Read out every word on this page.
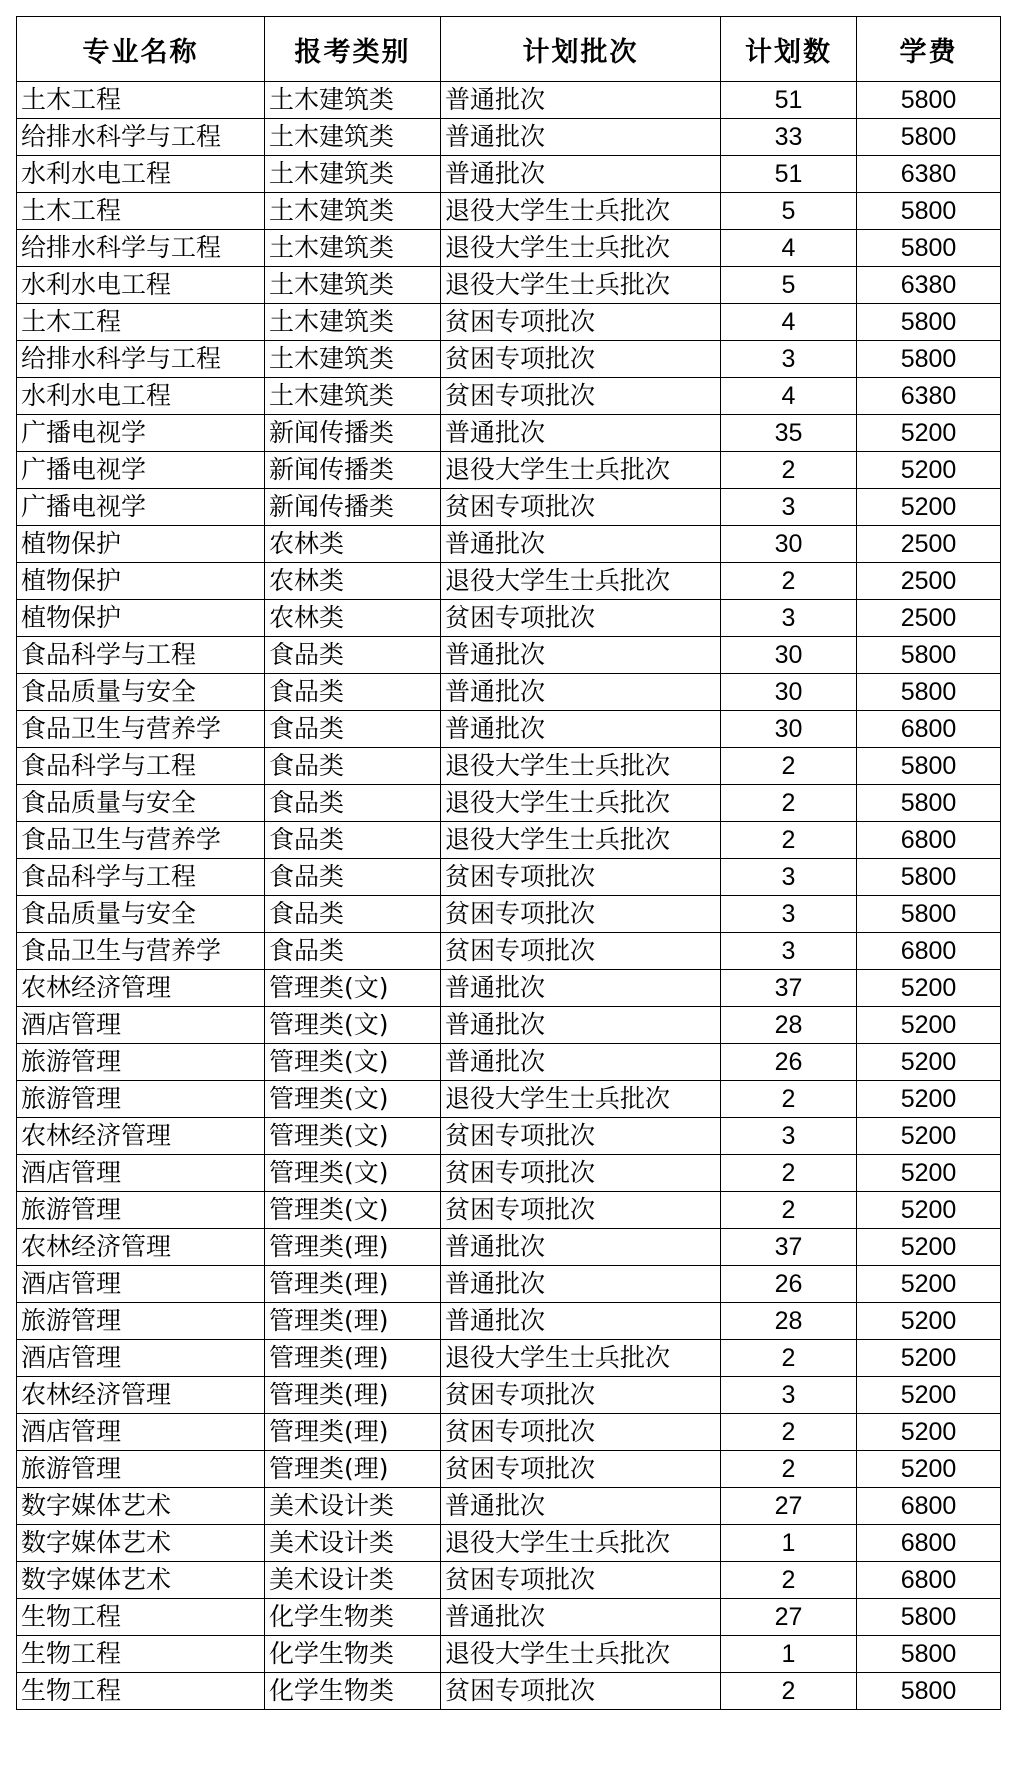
专业名称	报考类别	计划批次	计划数	学费
土木工程	土木建筑类	普通批次	51	5800
给排水科学与工程	土木建筑类	普通批次	33	5800
水利水电工程	土木建筑类	普通批次	51	6380
土木工程	土木建筑类	退役大学生士兵批次	5	5800
给排水科学与工程	土木建筑类	退役大学生士兵批次	4	5800
水利水电工程	土木建筑类	退役大学生士兵批次	5	6380
土木工程	土木建筑类	贫困专项批次	4	5800
给排水科学与工程	土木建筑类	贫困专项批次	3	5800
水利水电工程	土木建筑类	贫困专项批次	4	6380
广播电视学	新闻传播类	普通批次	35	5200
广播电视学	新闻传播类	退役大学生士兵批次	2	5200
广播电视学	新闻传播类	贫困专项批次	3	5200
植物保护	农林类	普通批次	30	2500
植物保护	农林类	退役大学生士兵批次	2	2500
植物保护	农林类	贫困专项批次	3	2500
食品科学与工程	食品类	普通批次	30	5800
食品质量与安全	食品类	普通批次	30	5800
食品卫生与营养学	食品类	普通批次	30	6800
食品科学与工程	食品类	退役大学生士兵批次	2	5800
食品质量与安全	食品类	退役大学生士兵批次	2	5800
食品卫生与营养学	食品类	退役大学生士兵批次	2	6800
食品科学与工程	食品类	贫困专项批次	3	5800
食品质量与安全	食品类	贫困专项批次	3	5800
食品卫生与营养学	食品类	贫困专项批次	3	6800
农林经济管理	管理类(文)	普通批次	37	5200
酒店管理	管理类(文)	普通批次	28	5200
旅游管理	管理类(文)	普通批次	26	5200
旅游管理	管理类(文)	退役大学生士兵批次	2	5200
农林经济管理	管理类(文)	贫困专项批次	3	5200
酒店管理	管理类(文)	贫困专项批次	2	5200
旅游管理	管理类(文)	贫困专项批次	2	5200
农林经济管理	管理类(理)	普通批次	37	5200
酒店管理	管理类(理)	普通批次	26	5200
旅游管理	管理类(理)	普通批次	28	5200
酒店管理	管理类(理)	退役大学生士兵批次	2	5200
农林经济管理	管理类(理)	贫困专项批次	3	5200
酒店管理	管理类(理)	贫困专项批次	2	5200
旅游管理	管理类(理)	贫困专项批次	2	5200
数字媒体艺术	美术设计类	普通批次	27	6800
数字媒体艺术	美术设计类	退役大学生士兵批次	1	6800
数字媒体艺术	美术设计类	贫困专项批次	2	6800
生物工程	化学生物类	普通批次	27	5800
生物工程	化学生物类	退役大学生士兵批次	1	5800
生物工程	化学生物类	贫困专项批次	2	5800
